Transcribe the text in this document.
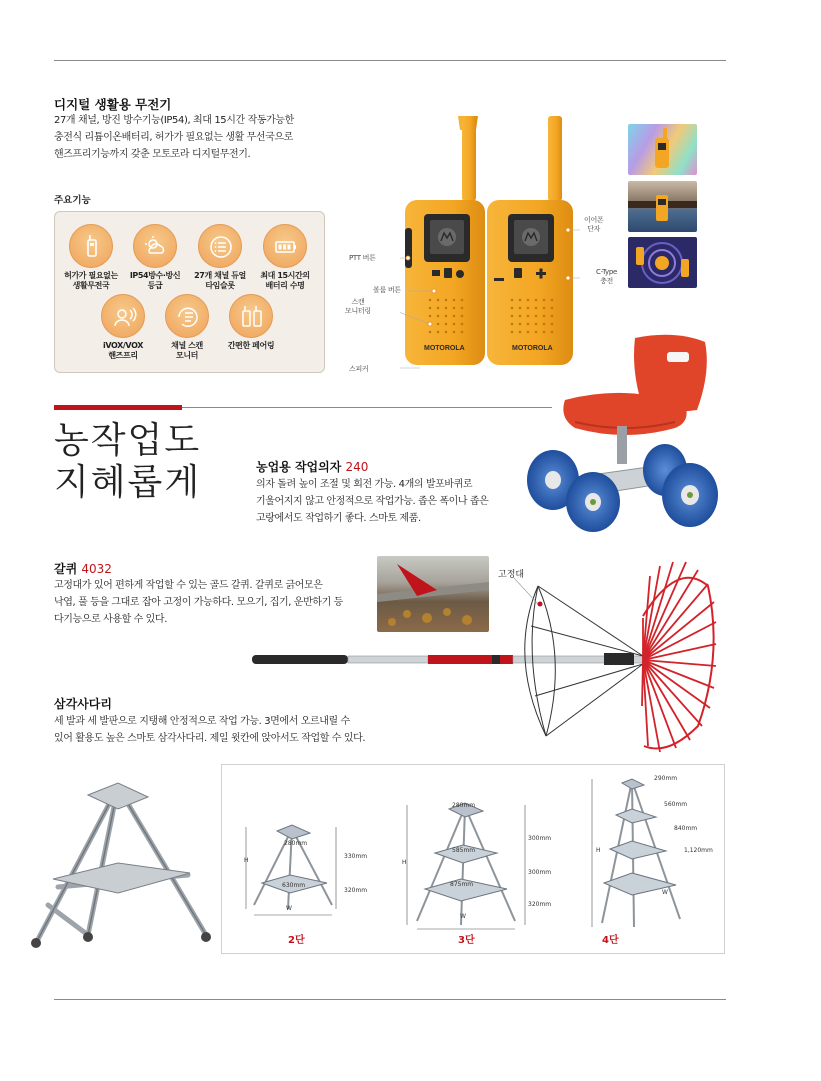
디지털 생활용 무전기
27개 채널, 방진 방수기능(IP54), 최대 15시간 작동가능한
충전식 리튬이온배터리, 허가가 필요없는 생활 무선국으로
핸즈프리기능까지 갖춘 모토로라 디지털무전기.
주요기능
허가가 필요없는
생활무전국
IP54방수·방신
등급
27개 채널 듀얼
타임슬롯
최대 15시간의
배터리 수명
iVOX/VOX
핸즈프리
채널 스캔
모니터
간편한 페어링	MOTOROLA	MOTOROLA
PTT 버튼
볼륨 버튼
스캔
모니터링
스피커
이어폰
단자
C-Type
충전
농작업도
지혜롭게	농업용 작업의자 240
의자 돌려 높이 조절 및 회전 가능. 4개의 발포바퀴로
기울어지지 않고 안정적으로 작업가능. 좁은 폭이나 좁은
고랑에서도 작업하기 좋다. 스마토 제품.
갈퀴 4032
고정대가 있어 편하게 작업할 수 있는 골드 갈퀴. 갈퀴로 긁어모은
낙엽, 풀 등을 그대로 잡아 고정이 가능하다. 모으기, 집기, 운반하기 등
다기능으로 사용할 수 있다.
고정대
삼각사다리
세 발과 세 발판으로 지탱해 안정적으로 작업 가능. 3면에서 오르내릴 수
있어 활용도 높은 스마토 삼각사다리. 제일 윗칸에 앉아서도 작업할 수 있다.
280mm
630mm
330mm
320mm
H
W
2단
280mm
585mm
875mm
300mm
300mm
320mm
H
W
3단
290mm
560mm
840mm
1,120mm
H
W
4단
